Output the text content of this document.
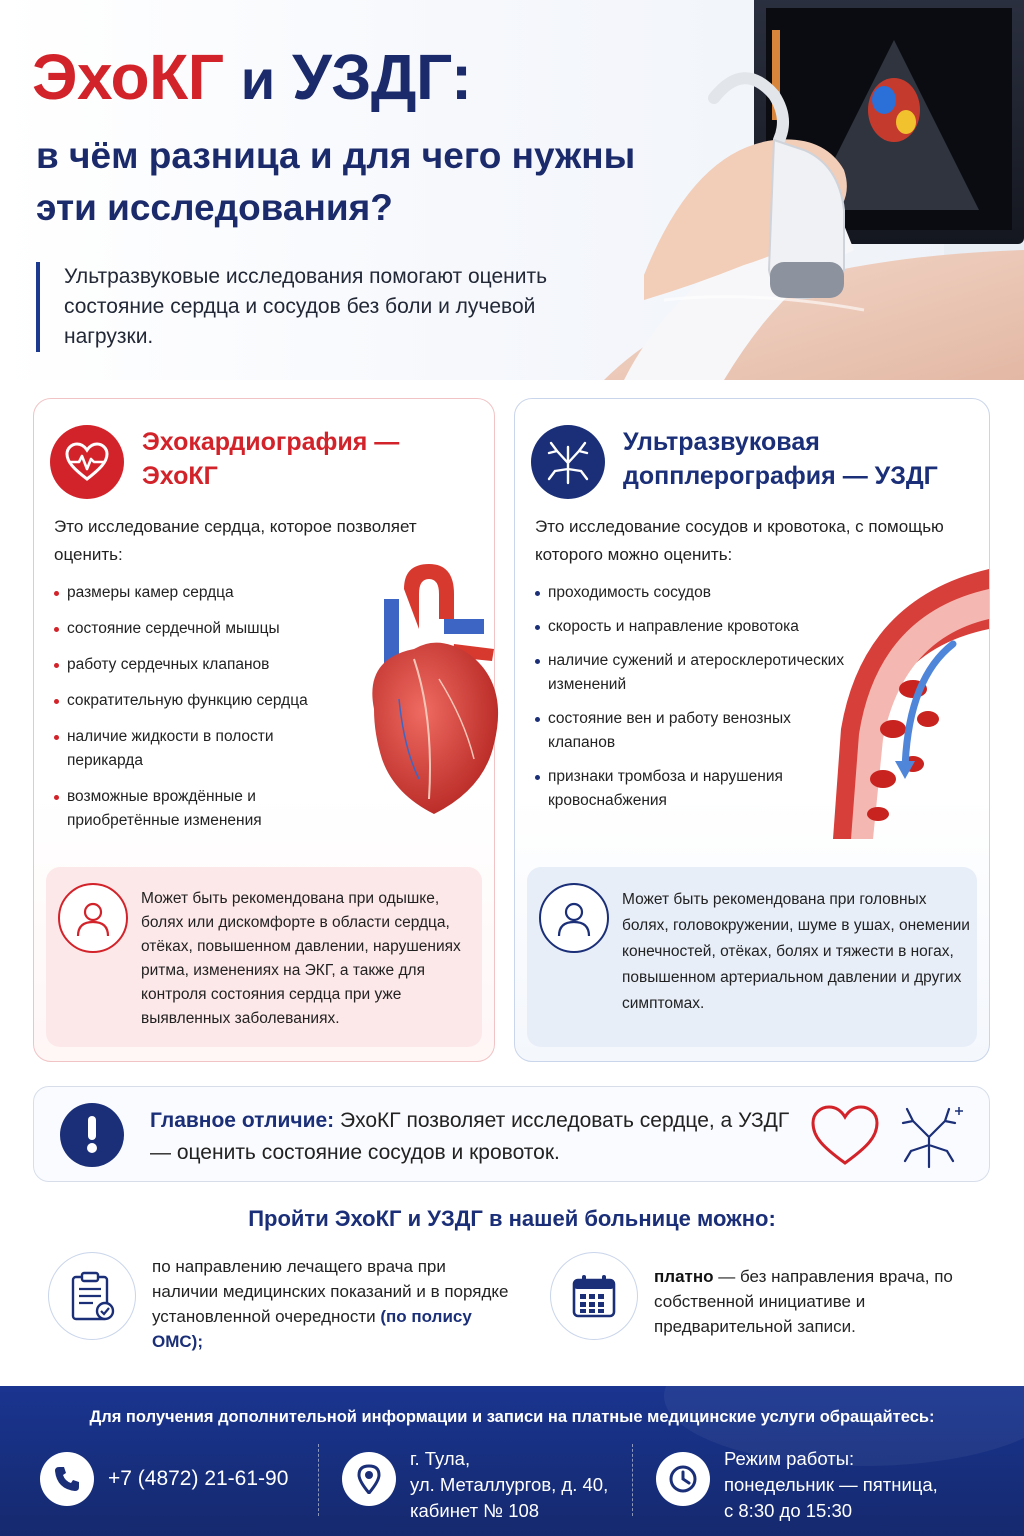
ЭхоКГ и УЗДГ:
в чём разница и для чего нужны эти исследования?
Ультразвуковые исследования помогают оценить состояние сердца и сосудов без боли и лучевой нагрузки.
Эхокардиография — ЭхоКГ
Это исследование сердца, которое позволяет оценить:
размеры камер сердца
состояние сердечной мышцы
работу сердечных клапанов
сократительную функцию сердца
наличие жидкости в полости перикарда
возможные врождённые и приобретённые изменения
Может быть рекомендована при одышке, болях или дискомфорте в области сердца, отёках, повышенном давлении, нарушениях ритма, изменениях на ЭКГ, а также для контроля состояния сердца при уже выявленных заболеваниях.
Ультразвуковая допплерография — УЗДГ
Это исследование сосудов и кровотока, с помощью которого можно оценить:
проходимость сосудов
скорость и направление кровотока
наличие сужений и атеросклеротических изменений
состояние вен и работу венозных клапанов
признаки тромбоза и нарушения кровоснабжения
Может быть рекомендована при головных болях, головокружении, шуме в ушах, онемении конечностей, отёках, болях и тяжести в ногах, повышенном артериальном давлении и других симптомах.
Главное отличие: ЭхоКГ позволяет исследовать сердце, а УЗДГ — оценить состояние сосудов и кровоток.
Пройти ЭхоКГ и УЗДГ в нашей больнице можно:
по направлению лечащего врача при наличии медицинских показаний и в порядке установленной очередности (по полису ОМС);
платно — без направления врача, по собственной инициативе и предварительной записи.
Для получения дополнительной информации и записи на платные медицинские услуги обращайтесь:
+7 (4872) 21-61-90
г. Тула,
ул. Металлургов, д. 40,
кабинет № 108
Режим работы:
понедельник — пятница,
с 8:30 до 15:30
